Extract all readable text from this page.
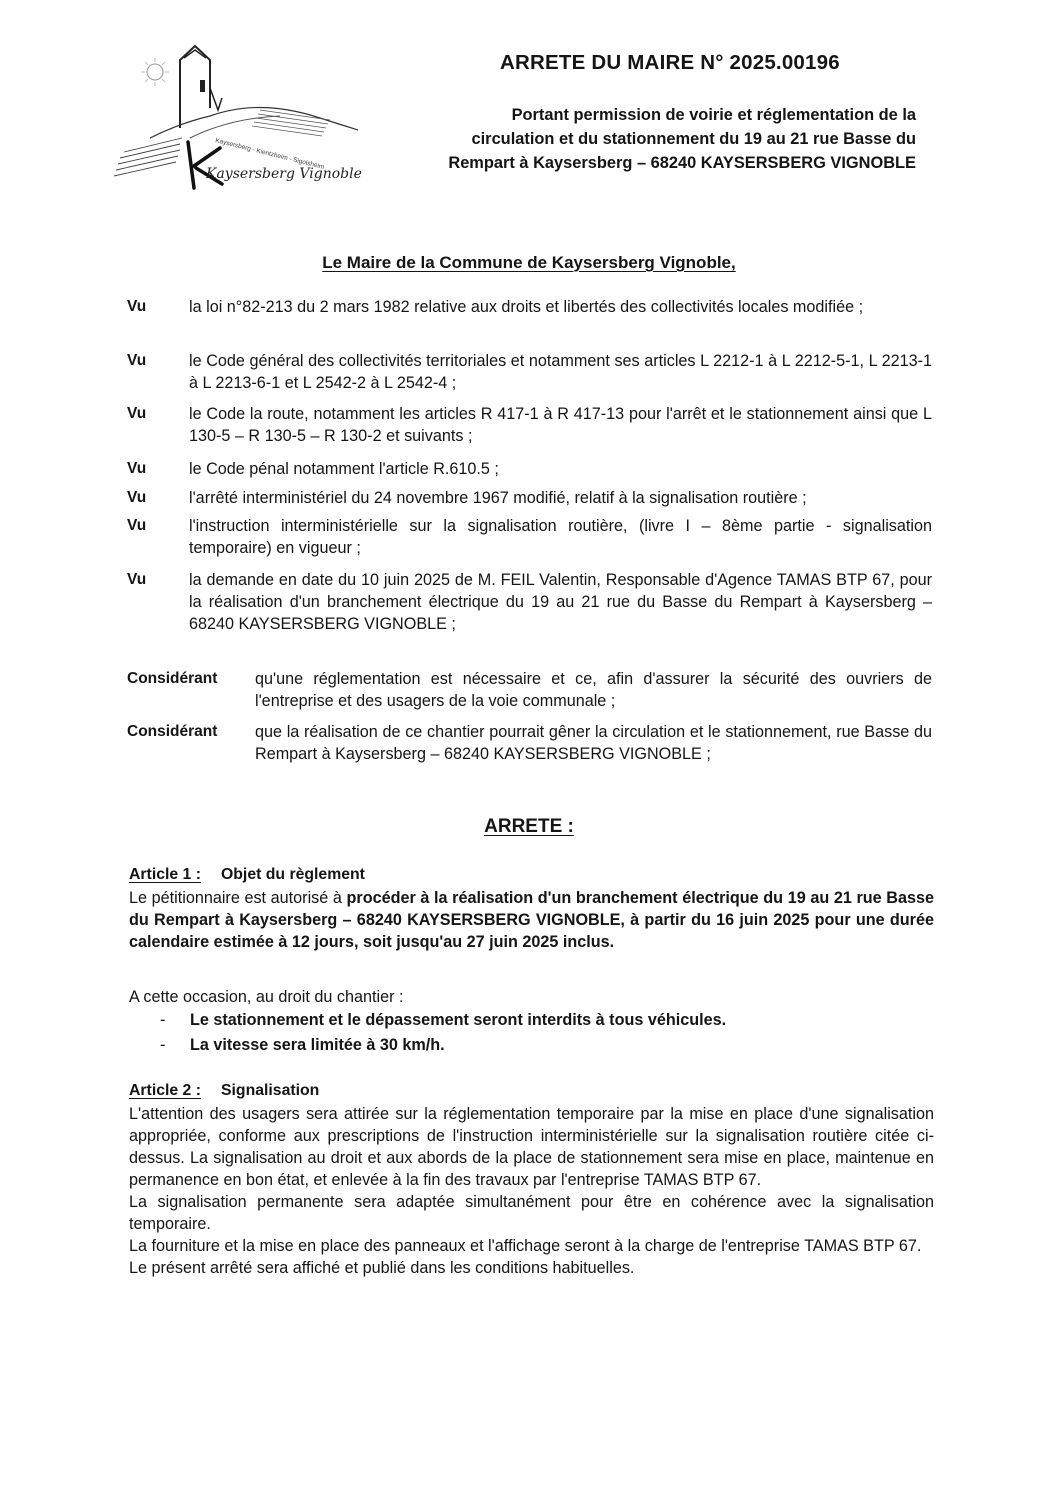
Kaysersberg - Kientzheim - Sigolsheim
Kaysersberg Vignoble
ARRETE DU MAIRE N° 2025.00196
Portant permission de voirie et réglementation de la
circulation et du stationnement du 19 au 21 rue Basse du
Rempart à Kaysersberg – 68240 KAYSERSBERG VIGNOBLE
Le Maire de la Commune de Kaysersberg Vignoble,
Vu	la loi n°82-213 du 2 mars 1982 relative aux droits et libertés des collectivités locales modifiée ;
Vu	le Code général des collectivités territoriales et notamment ses articles L 2212-1 à L 2212-5-1, L 2213-1 à L 2213-6-1 et L 2542-2 à L 2542-4 ;
Vu	le Code la route, notamment les articles R 417-1 à R 417-13 pour l'arrêt et le stationnement ainsi que L 130-5 – R 130-5 – R 130-2 et suivants ;
Vu	le Code pénal notamment l'article R.610.5 ;
Vu	l'arrêté interministériel du 24 novembre 1967 modifié, relatif à la signalisation routière ;
Vu	l'instruction interministérielle sur la signalisation routière, (livre I – 8ème partie - signalisation temporaire) en vigueur ;
Vu	la demande en date du 10 juin 2025 de M. FEIL Valentin, Responsable d'Agence TAMAS BTP 67, pour la réalisation d'un branchement électrique du 19 au 21 rue du Basse du Rempart à Kaysersberg – 68240 KAYSERSBERG VIGNOBLE ;
Considérant qu'une réglementation est nécessaire et ce, afin d'assurer la sécurité des ouvriers de l'entreprise et des usagers de la voie communale ;
Considérant que la réalisation de ce chantier pourrait gêner la circulation et le stationnement, rue Basse du Rempart à Kaysersberg – 68240 KAYSERSBERG VIGNOBLE ;
ARRETE :
Article 1 : Objet du règlement

Le pétitionnaire est autorisé à procéder à la réalisation d'un branchement électrique du 19 au 21 rue Basse du Rempart à Kaysersberg – 68240 KAYSERSBERG VIGNOBLE, à partir du 16 juin 2025 pour une durée calendaire estimée à 12 jours, soit jusqu'au 27 juin 2025 inclus.

A cette occasion, au droit du chantier :
- Le stationnement et le dépassement seront interdits à tous véhicules.
- La vitesse sera limitée à 30 km/h.
Article 2 : Signalisation

L'attention des usagers sera attirée sur la réglementation temporaire par la mise en place d'une signalisation appropriée, conforme aux prescriptions de l'instruction interministérielle sur la signalisation routière citée ci-dessus. La signalisation au droit et aux abords de la place de stationnement sera mise en place, maintenue en permanence en bon état, et enlevée à la fin des travaux par l'entreprise TAMAS BTP 67.

La signalisation permanente sera adaptée simultanément pour être en cohérence avec la signalisation temporaire.

La fourniture et la mise en place des panneaux et l'affichage seront à la charge de l'entreprise TAMAS BTP 67.

Le présent arrêté sera affiché et publié dans les conditions habituelles.
